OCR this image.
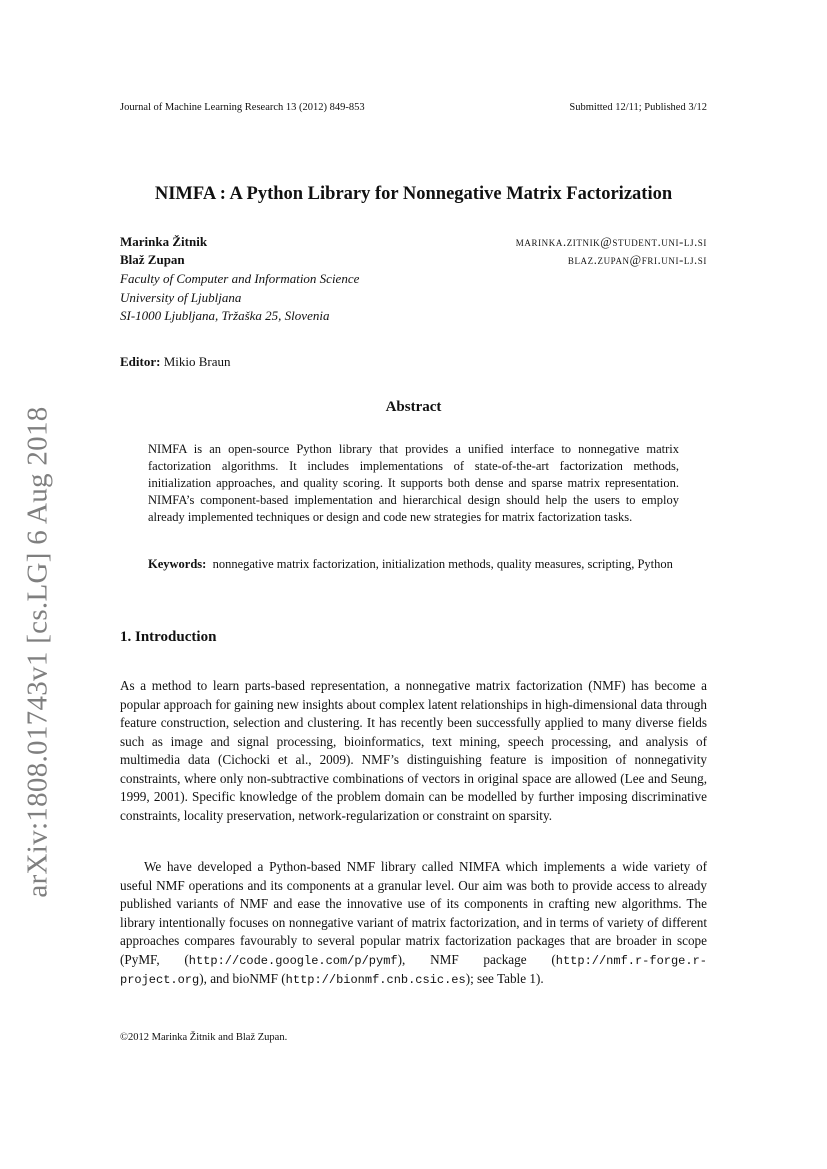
Journal of Machine Learning Research 13 (2012) 849-853	Submitted 12/11; Published 3/12
arXiv:1808.01743v1 [cs.LG] 6 Aug 2018
NIMFA : A Python Library for Nonnegative Matrix Factorization
Marinka Žitnik	marinka.zitnik@student.uni-lj.si
Blaž Zupan	blaz.zupan@fri.uni-lj.si
Faculty of Computer and Information Science
University of Ljubljana
SI-1000 Ljubljana, Tržaška 25, Slovenia
Editor: Mikio Braun
Abstract
NIMFA is an open-source Python library that provides a unified interface to nonnegative matrix factorization algorithms. It includes implementations of state-of-the-art factorization methods, initialization approaches, and quality scoring. It supports both dense and sparse matrix representation. NIMFA’s component-based implementation and hierarchical design should help the users to employ already implemented techniques or design and code new strategies for matrix factorization tasks.
Keywords: nonnegative matrix factorization, initialization methods, quality measures, scripting, Python
1. Introduction
As a method to learn parts-based representation, a nonnegative matrix factorization (NMF) has become a popular approach for gaining new insights about complex latent relationships in high-dimensional data through feature construction, selection and clustering. It has recently been successfully applied to many diverse fields such as image and signal processing, bioinformatics, text mining, speech processing, and analysis of multimedia data (Cichocki et al., 2009). NMF’s distinguishing feature is imposition of nonnegativity constraints, where only non-subtractive combinations of vectors in original space are allowed (Lee and Seung, 1999, 2001). Specific knowledge of the problem domain can be modelled by further imposing discriminative constraints, locality preservation, network-regularization or constraint on sparsity.
We have developed a Python-based NMF library called NIMFA which implements a wide variety of useful NMF operations and its components at a granular level. Our aim was both to provide access to already published variants of NMF and ease the innovative use of its components in crafting new algorithms. The library intentionally focuses on nonnegative variant of matrix factorization, and in terms of variety of different approaches compares favourably to several popular matrix factorization packages that are broader in scope (PyMF, (http://code.google.com/p/pymf), NMF package (http://nmf.r-forge.r-project.org), and bioNMF (http://bionmf.cnb.csic.es); see Table 1).
©2012 Marinka Žitnik and Blaž Zupan.
